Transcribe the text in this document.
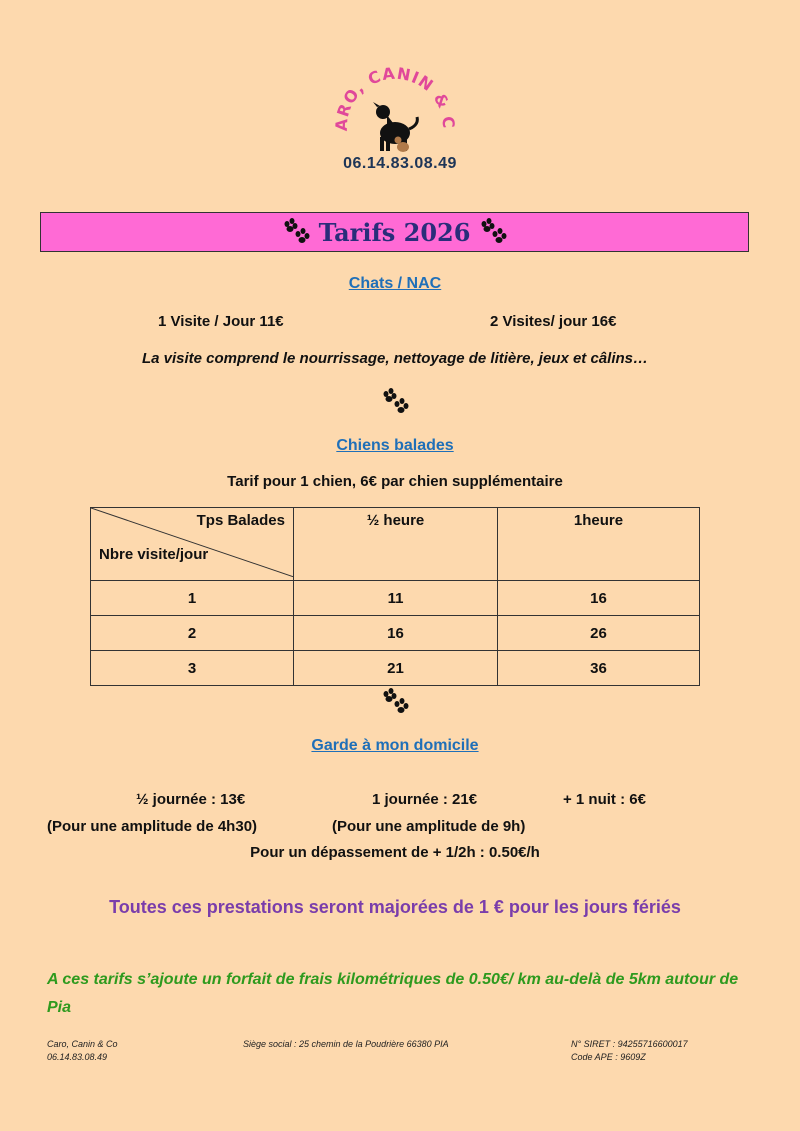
ARO, CANIN & C
06.14.83.08.49
Tarifs 2026
Chats / NAC
1 Visite / Jour 11€	2 Visites/ jour 16€
La visite comprend le nourrissage, nettoyage de litière, jeux et câlins…
Chiens balades
Tarif pour 1 chien, 6€ par chien supplémentaire
Tps Balades
Nbre visite/jour	½ heure	1heure
1	11	16
2	16	26
3	21	36
Garde à mon domicile
½ journée : 13€	1 journée : 21€	+ 1 nuit : 6€
(Pour une amplitude de 4h30)	(Pour une amplitude de 9h)
Pour un dépassement de + 1/2h : 0.50€/h
Toutes ces prestations seront majorées de 1 € pour les jours fériés
A ces tarifs s’ajoute un forfait de frais kilométriques de 0.50€/ km au-delà de 5km autour de Pia
Caro, Canin & Co
06.14.83.08.49
Siège social : 25 chemin de la Poudrière 66380 PIA	N° SIRET : 94255716600017
Code APE : 9609Z
